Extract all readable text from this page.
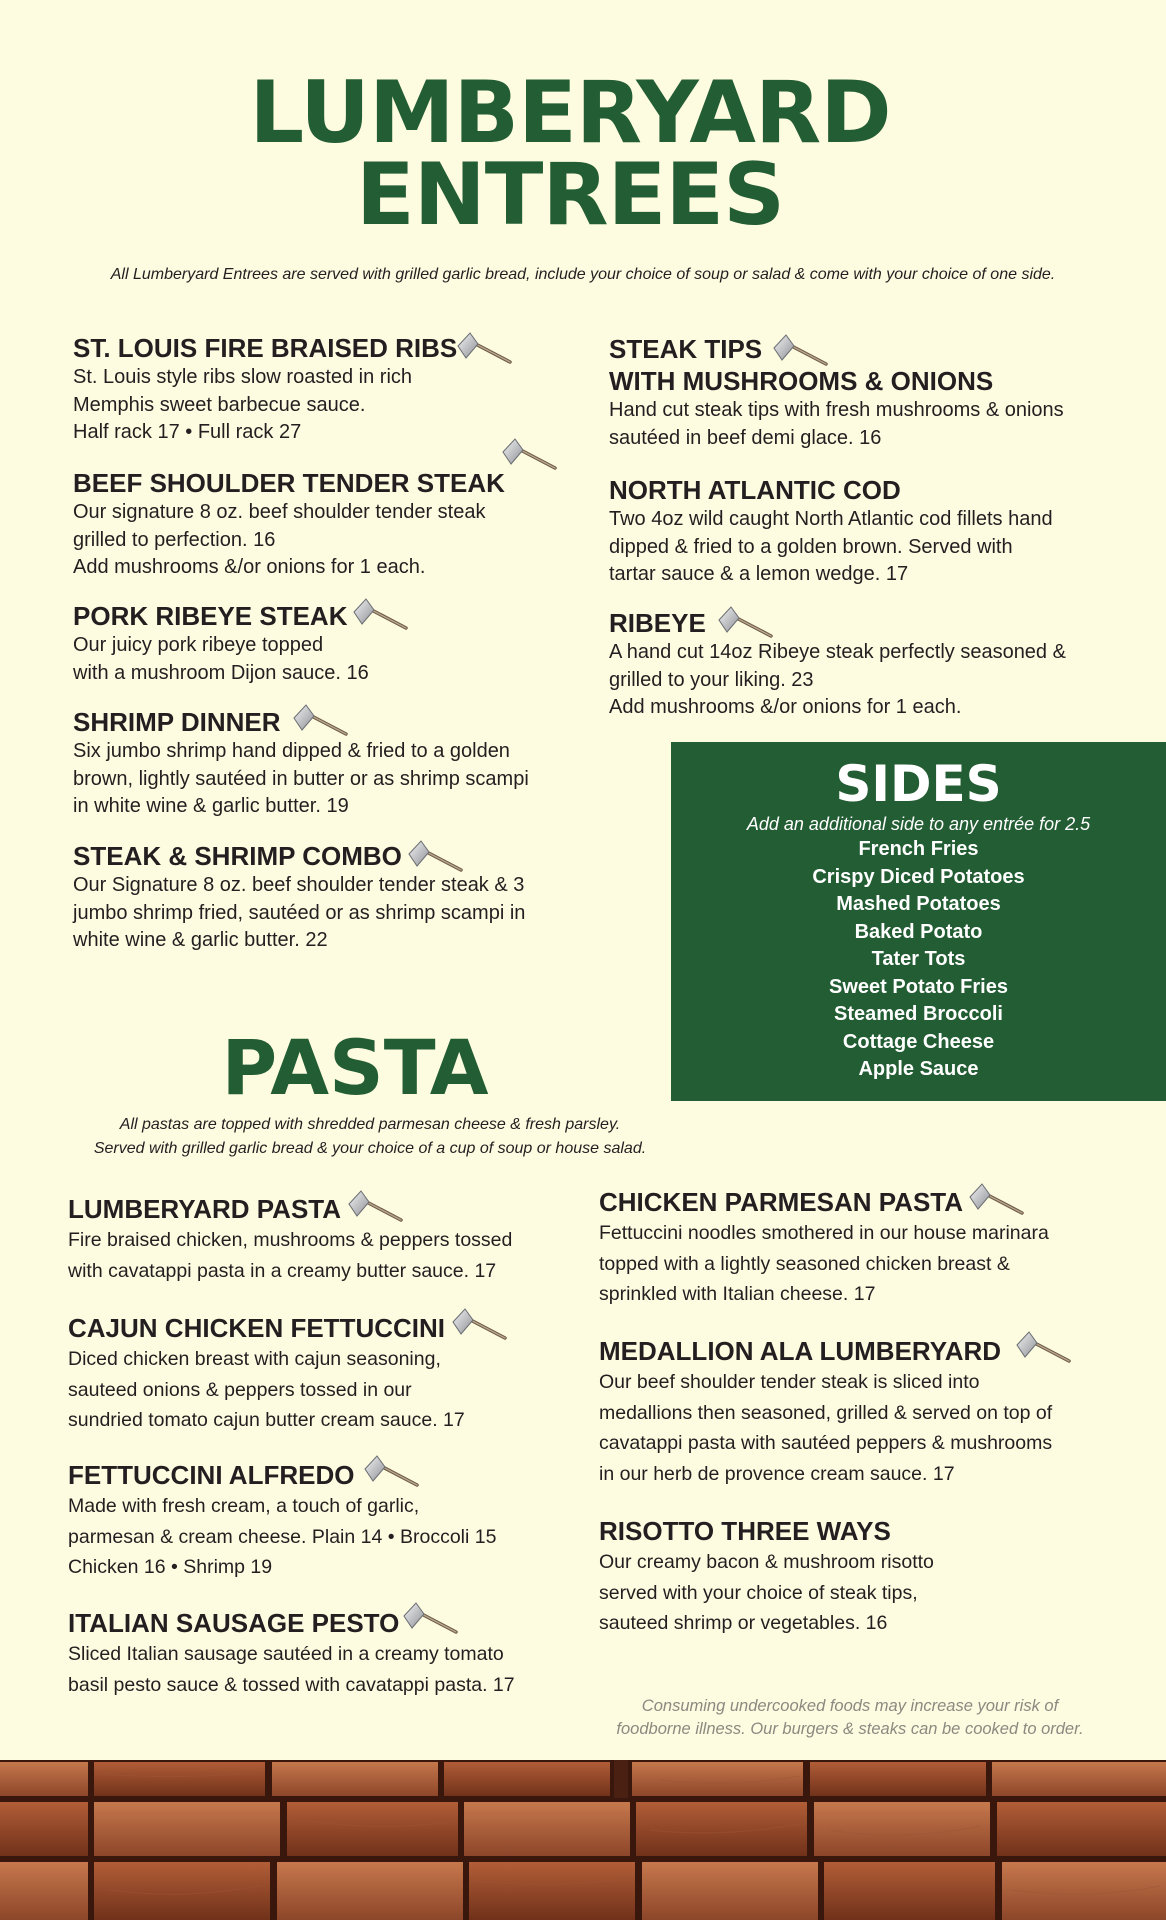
LUMBERYARD
ENTREES
All Lumberyard Entrees are served with grilled garlic bread, include your choice of soup or salad & come with your choice of one side.
ST. LOUIS FIRE BRAISED RIBS
St. Louis style ribs slow roasted in rich
Memphis sweet barbecue sauce.
Half rack 17 • Full rack 27
BEEF SHOULDER TENDER STEAK
Our signature 8 oz. beef shoulder tender steak
grilled to perfection. 16
Add mushrooms &/or onions for 1 each.
PORK RIBEYE STEAK
Our juicy pork ribeye topped
with a mushroom Dijon sauce. 16
SHRIMP DINNER
Six jumbo shrimp hand dipped & fried to a golden
brown, lightly sautéed in butter or as shrimp scampi
in white wine & garlic butter. 19
STEAK & SHRIMP COMBO
Our Signature 8 oz. beef shoulder tender steak & 3
jumbo shrimp fried, sautéed or as shrimp scampi in
white wine & garlic butter. 22
STEAK TIPS
WITH MUSHROOMS & ONIONS
Hand cut steak tips with fresh mushrooms & onions
sautéed in beef demi glace. 16
NORTH ATLANTIC COD
Two 4oz wild caught North Atlantic cod fillets hand
dipped & fried to a golden brown. Served with
tartar sauce & a lemon wedge. 17
RIBEYE
A hand cut 14oz Ribeye steak perfectly seasoned &
grilled to your liking. 23
Add mushrooms &/or onions for 1 each.
SIDES
Add an additional side to any entrée for 2.5
French Fries
Crispy Diced Potatoes
Mashed Potatoes
Baked Potato
Tater Tots
Sweet Potato Fries
Steamed Broccoli
Cottage Cheese
Apple Sauce
PASTA
All pastas are topped with shredded parmesan cheese & fresh parsley.
Served with grilled garlic bread & your choice of a cup of soup or house salad.
LUMBERYARD PASTA
Fire braised chicken, mushrooms & peppers tossed
with cavatappi pasta in a creamy butter sauce. 17
CAJUN CHICKEN FETTUCCINI
Diced chicken breast with cajun seasoning,
sauteed onions & peppers tossed in our
sundried tomato cajun butter cream sauce. 17
FETTUCCINI ALFREDO
Made with fresh cream, a touch of garlic,
parmesan & cream cheese. Plain 14 • Broccoli 15
Chicken 16 • Shrimp 19
ITALIAN SAUSAGE PESTO
Sliced Italian sausage sautéed in a creamy tomato
basil pesto sauce & tossed with cavatappi pasta. 17
CHICKEN PARMESAN PASTA
Fettuccini noodles smothered in our house marinara
topped with a lightly seasoned chicken breast &
sprinkled with Italian cheese. 17
MEDALLION ALA LUMBERYARD
Our beef shoulder tender steak is sliced into
medallions then seasoned, grilled & served on top of
cavatappi pasta with sautéed peppers & mushrooms
in our herb de provence cream sauce. 17
RISOTTO THREE WAYS
Our creamy bacon & mushroom risotto
served with your choice of steak tips,
sauteed shrimp or vegetables. 16
Consuming undercooked foods may increase your risk of
foodborne illness. Our burgers & steaks can be cooked to order.
